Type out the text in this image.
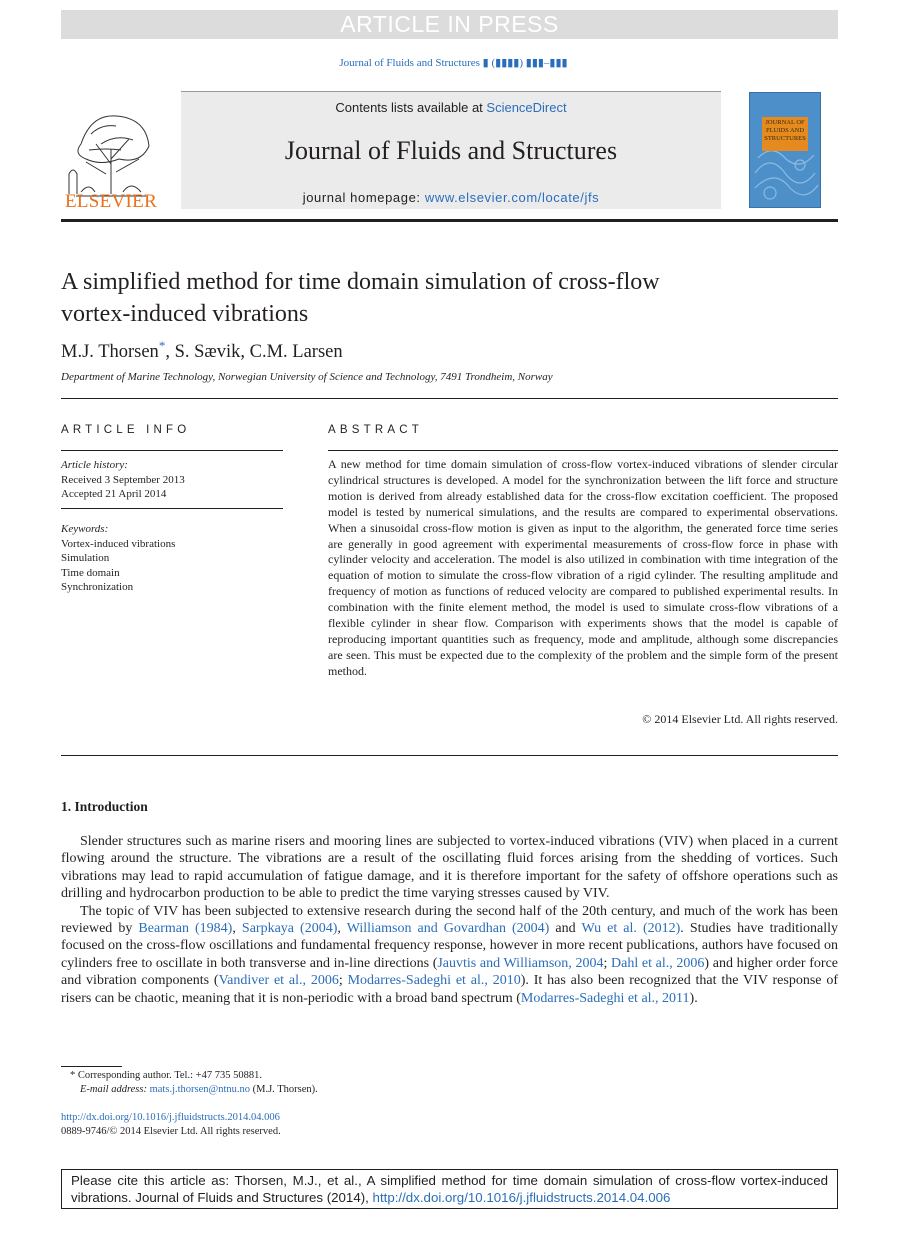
ARTICLE IN PRESS
Journal of Fluids and Structures ▮ (▮▮▮▮) ▮▮▮–▮▮▮
ELSEVIER
Contents lists available at ScienceDirect
Journal of Fluids and Structures
journal homepage: www.elsevier.com/locate/jfs
JOURNAL OF FLUIDS AND STRUCTURES
A simplified method for time domain simulation of cross-flow
vortex-induced vibrations
M.J. Thorsen*, S. Sævik, C.M. Larsen
Department of Marine Technology, Norwegian University of Science and Technology, 7491 Trondheim, Norway
ARTICLE INFO
Article history:
Received 3 September 2013
Accepted 21 April 2014
Keywords:
Vortex-induced vibrations
Simulation
Time domain
Synchronization
ABSTRACT
A new method for time domain simulation of cross-flow vortex-induced vibrations of slender circular cylindrical structures is developed. A model for the synchronization between the lift force and structure motion is derived from already established data for the cross-flow excitation coefficient. The proposed model is tested by numerical simulations, and the results are compared to experimental observations. When a sinusoidal cross-flow motion is given as input to the algorithm, the generated force time series are generally in good agreement with experimental measurements of cross-flow force in phase with cylinder velocity and acceleration. The model is also utilized in combination with time integration of the equation of motion to simulate the cross-flow vibration of a rigid cylinder. The resulting amplitude and frequency of motion as functions of reduced velocity are compared to published experimental results. In combination with the finite element method, the model is used to simulate cross-flow vibrations of a flexible cylinder in shear flow. Comparison with experiments shows that the model is capable of reproducing important quantities such as frequency, mode and amplitude, although some discrepancies are seen. This must be expected due to the complexity of the problem and the simple form of the present method.
© 2014 Elsevier Ltd. All rights reserved.
1. Introduction

Slender structures such as marine risers and mooring lines are subjected to vortex-induced vibrations (VIV) when placed in a current flowing around the structure. The vibrations are a result of the oscillating fluid forces arising from the shedding of vortices. Such vibrations may lead to rapid accumulation of fatigue damage, and it is therefore important for the safety of offshore operations such as drilling and hydrocarbon production to be able to predict the time varying stresses caused by VIV.

The topic of VIV has been subjected to extensive research during the second half of the 20th century, and much of the work has been reviewed by Bearman (1984), Sarpkaya (2004), Williamson and Govardhan (2004) and Wu et al. (2012). Studies have traditionally focused on the cross-flow oscillations and fundamental frequency response, however in more recent publications, authors have focused on cylinders free to oscillate in both transverse and in-line directions (Jauvtis and Williamson, 2004; Dahl et al., 2006) and higher order force and vibration components (Vandiver et al., 2006; Modarres-Sadeghi et al., 2010). It has also been recognized that the VIV response of risers can be chaotic, meaning that it is non-periodic with a broad band spectrum (Modarres-Sadeghi et al., 2011).

* Corresponding author. Tel.: +47 735 50881.
E-mail address: mats.j.thorsen@ntnu.no (M.J. Thorsen).
http://dx.doi.org/10.1016/j.jfluidstructs.2014.04.006
0889-9746/© 2014 Elsevier Ltd. All rights reserved.
Please cite this article as: Thorsen, M.J., et al., A simplified method for time domain simulation of cross-flow vortex-induced vibrations. Journal of Fluids and Structures (2014), http://dx.doi.org/10.1016/j.jfluidstructs.2014.04.006
